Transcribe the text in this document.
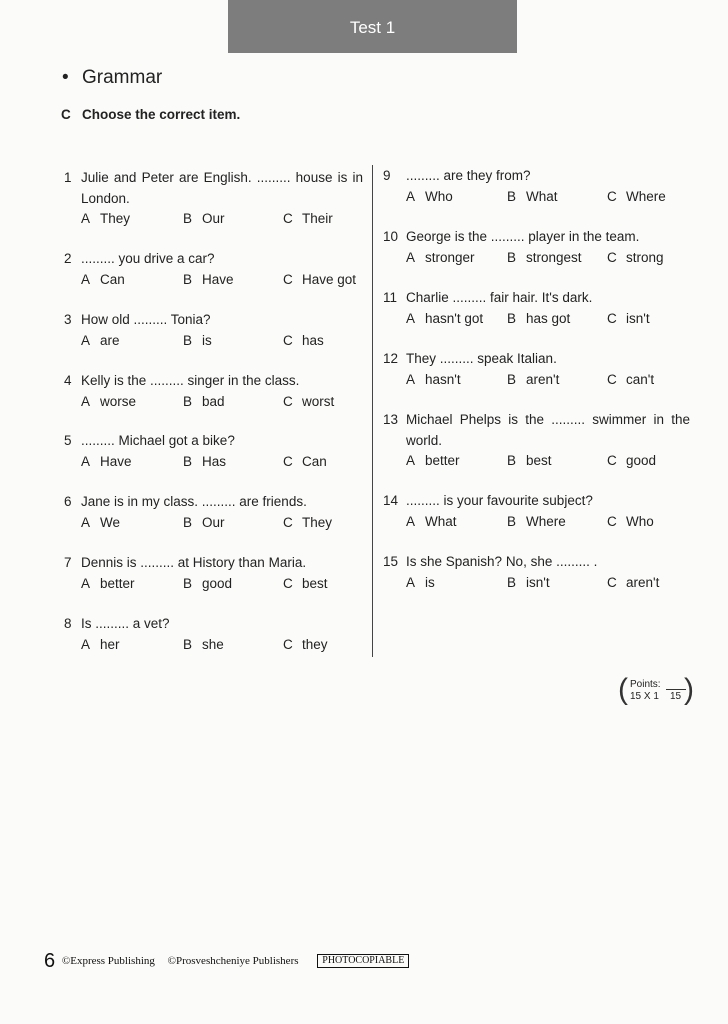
Test 1
• Grammar
C Choose the correct item.
1 Julie and Peter are English. ......... house is in London.
A They	B Our	C Their
2 ......... you drive a car?
A Can	B Have	C Have got
3 How old ......... Tonia?
A are	B is	C has
4 Kelly is the ......... singer in the class.
A worse	B bad	C worst
5 ......... Michael got a bike?
A Have	B Has	C Can
6 Jane is in my class. ......... are friends.
A We	B Our	C They
7 Dennis is ......... at History than Maria.
A better	B good	C best
8 Is ......... a vet?
A her	B she	C they
9 ......... are they from?
A Who	B What	C Where
10 George is the ......... player in the team.
A stronger B strongest C strong
11 Charlie ......... fair hair. It's dark.
A hasn't got B has got	C isn't
12 They ......... speak Italian.
A hasn't	B aren't	C can't
13 Michael Phelps is the ......... swimmer in the world.
A better	B best	C good
14 ......... is your favourite subject?
A What	B Where	C Who
15 Is she Spanish? No, she ......... .
A is	B isn't	C aren't
( Points:
15 X 1 15 )
6 ©Express Publishing ©Prosveshcheniye Publishers PHOTOCOPIABLE
